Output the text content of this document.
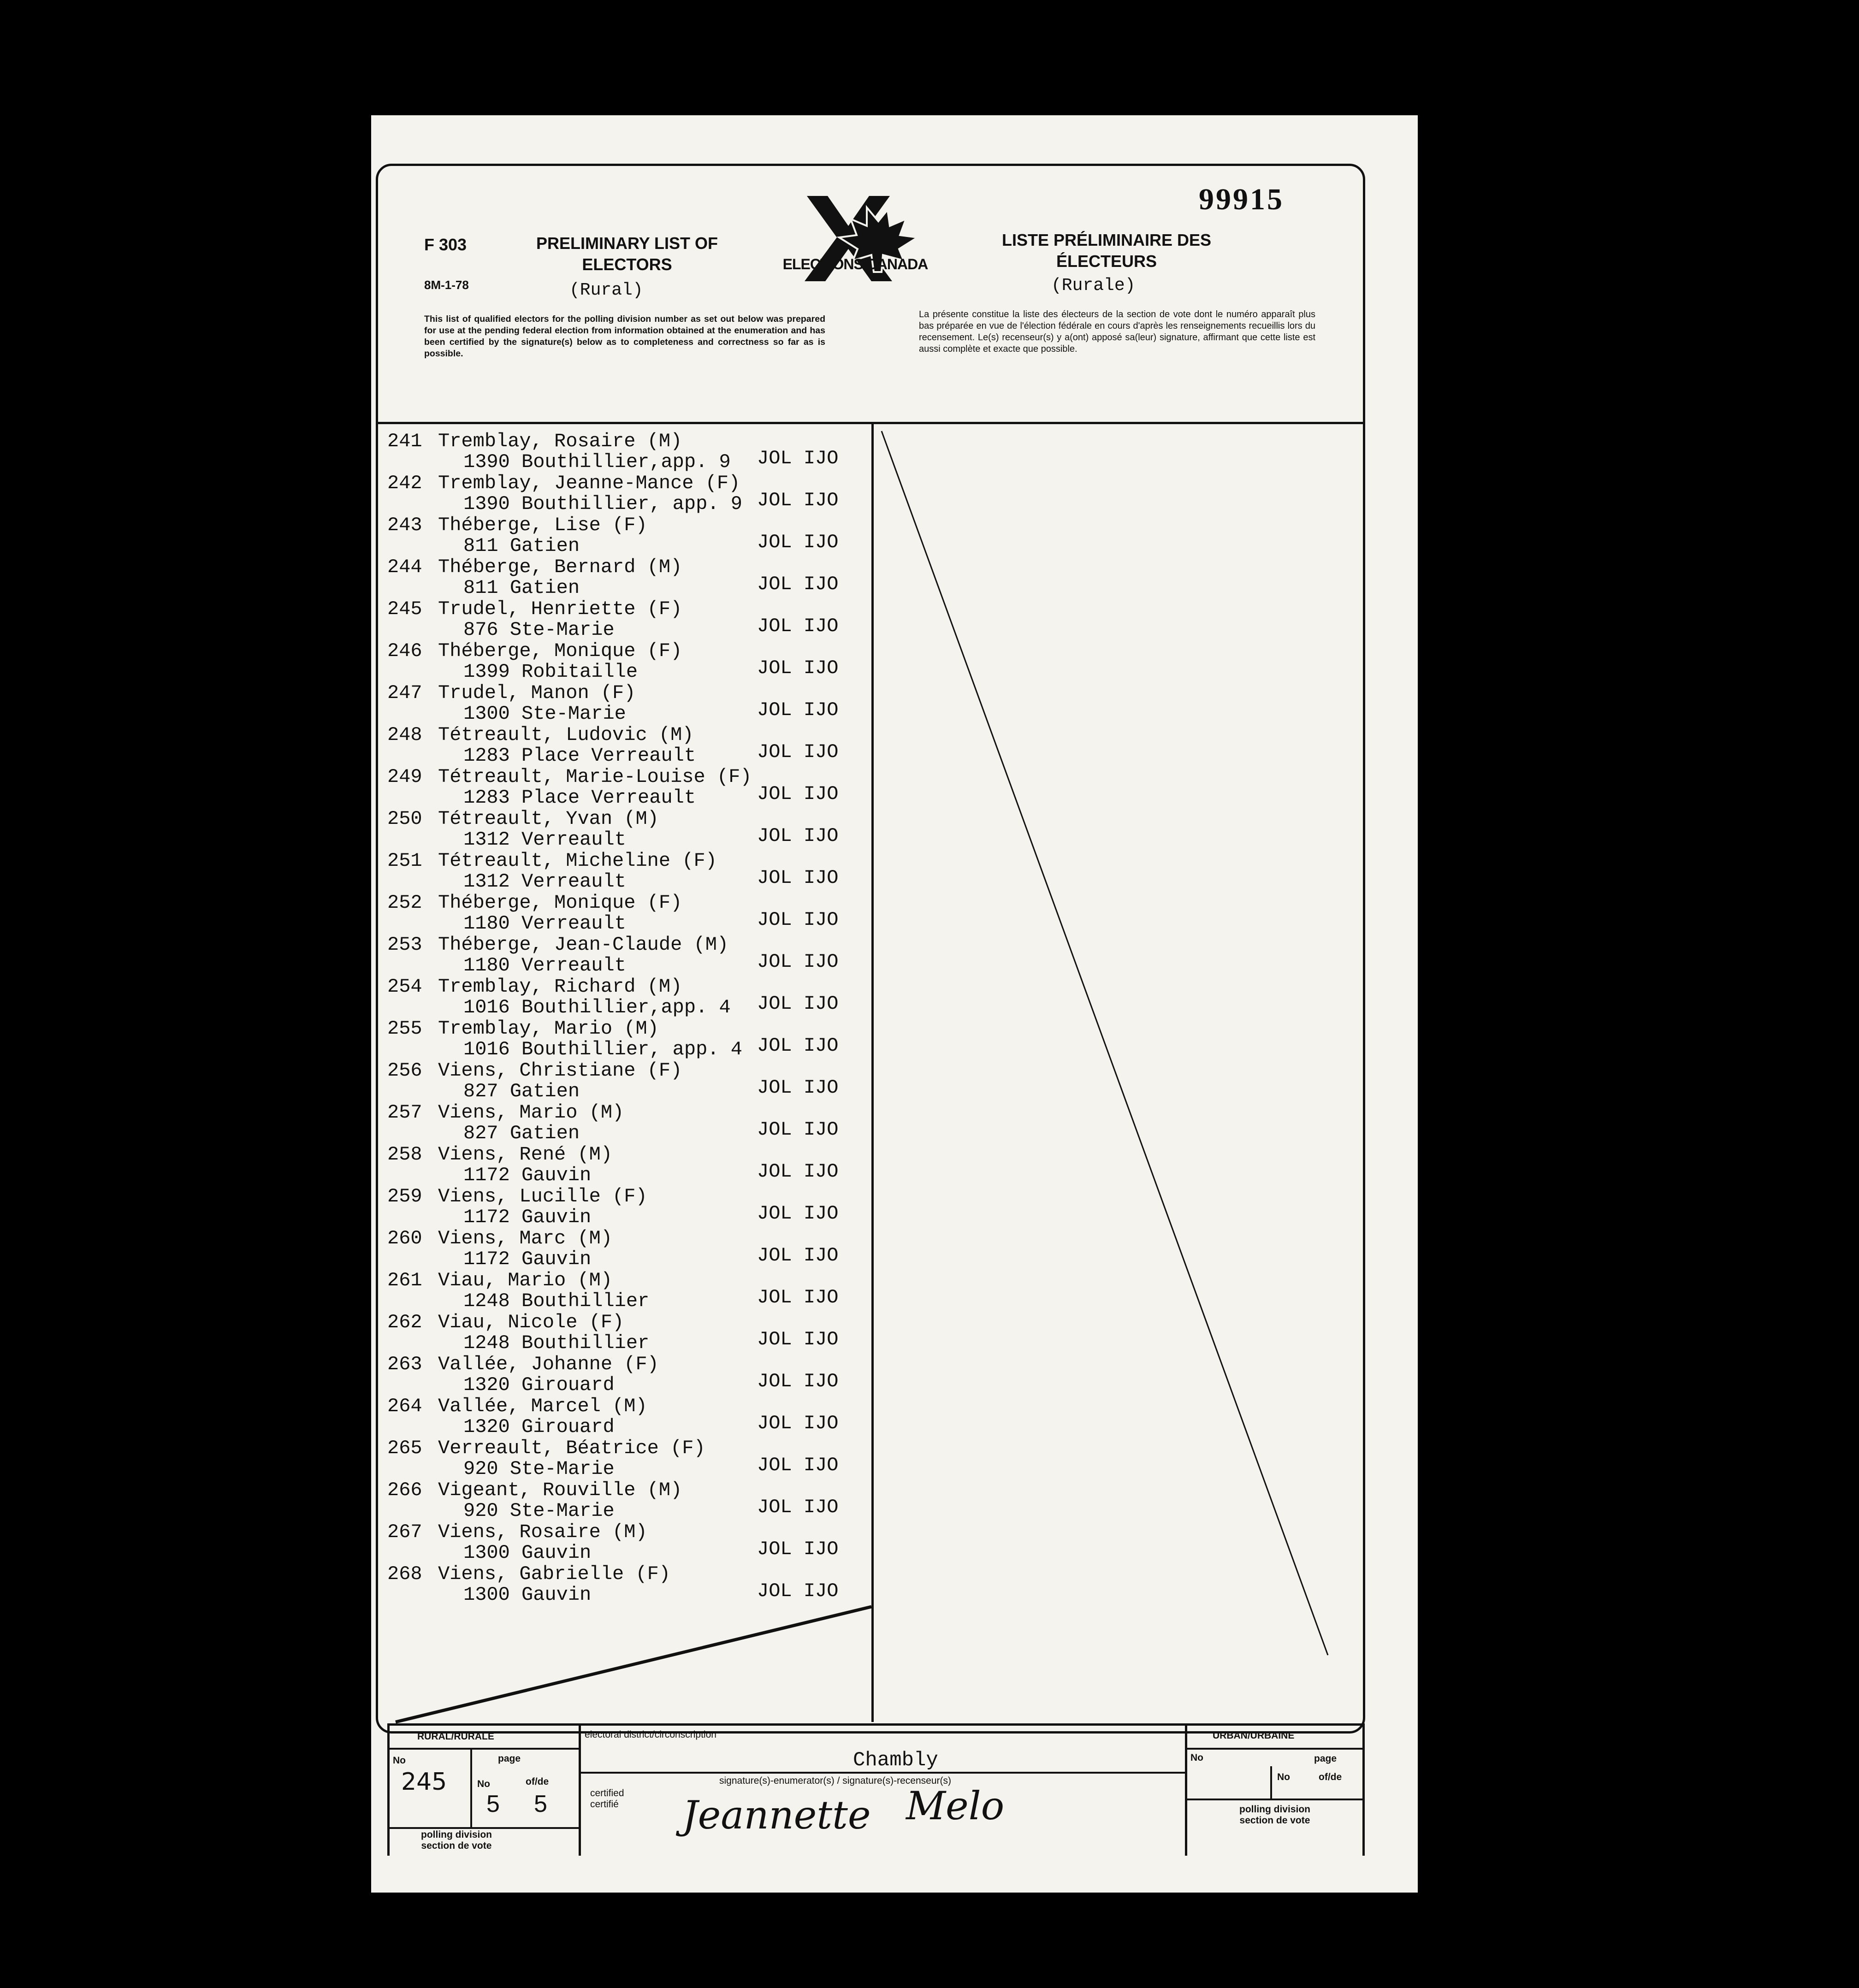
99915
F 303
8M-1-78
PRELIMINARY LIST OF ELECTORS
(Rural)
ELECTIONS CANADA
LISTE PRÉLIMINAIRE DES ÉLECTEURS
(Rurale)
This list of qualified electors for the polling division number as set out below was prepared for use at the pending federal election from information obtained at the enumeration and has been certified by the signature(s) below as to completeness and correctness so far as is possible.
La présente constitue la liste des électeurs de la section de vote dont le numéro apparaît plus bas préparée en vue de l'élection fédérale en cours d'après les renseignements recueillis lors du recensement. Le(s) recenseur(s) y a(ont) apposé sa(leur) signature, affirmant que cette liste est aussi complète et exacte que possible.
241 Tremblay, Rosaire (M)
1390 Bouthillier,app. 9 JOL IJO
242 Tremblay, Jeanne-Mance (F)
1390 Bouthillier, app. 9 JOL IJO
243 Théberge, Lise (F)
811 Gatien	JOL IJO
244 Théberge, Bernard (M)
811 Gatien	JOL IJO
245 Trudel, Henriette (F)
876 Ste-Marie	JOL IJO
246 Théberge, Monique (F)
1399 Robitaille	JOL IJO
247 Trudel, Manon (F)
1300 Ste-Marie	JOL IJO
248 Tétreault, Ludovic (M)
1283 Place Verreault	JOL IJO
249 Tétreault, Marie-Louise (F)
1283 Place Verreault	JOL IJO
250 Tétreault, Yvan (M)
1312 Verreault	JOL IJO
251 Tétreault, Micheline (F)
1312 Verreault	JOL IJO
252 Théberge, Monique (F)
1180 Verreault	JOL IJO
253 Théberge, Jean-Claude (M)
1180 Verreault	JOL IJO
254 Tremblay, Richard (M)
1016 Bouthillier,app. 4 JOL IJO
255 Tremblay, Mario (M)
1016 Bouthillier, app. 4 JOL IJO
256 Viens, Christiane (F)
827 Gatien	JOL IJO
257 Viens, Mario (M)
827 Gatien	JOL IJO
258 Viens, René (M)
1172 Gauvin	JOL IJO
259 Viens, Lucille (F)
1172 Gauvin	JOL IJO
260 Viens, Marc (M)
1172 Gauvin	JOL IJO
261 Viau, Mario (M)
1248 Bouthillier	JOL IJO
262 Viau, Nicole (F)
1248 Bouthillier	JOL IJO
263 Vallée, Johanne (F)
1320 Girouard	JOL IJO
264 Vallée, Marcel (M)
1320 Girouard	JOL IJO
265 Verreault, Béatrice (F)
920 Ste-Marie	JOL IJO
266 Vigeant, Rouville (M)
920 Ste-Marie	JOL IJO
267 Viens, Rosaire (M)
1300 Gauvin	JOL IJO
268 Viens, Gabrielle (F)
1300 Gauvin	JOL IJO
RURAL/RURALE
No
245
page
No	of/de
5 5
polling division section de vote
electoral district/circonscription
Chambly
certified certifié
signature(s)-enumerator(s) / signature(s)-recenseur(s)
Jeannette Melo
URBAN/URBAINE
No	page
No	of/de
polling division section de vote
